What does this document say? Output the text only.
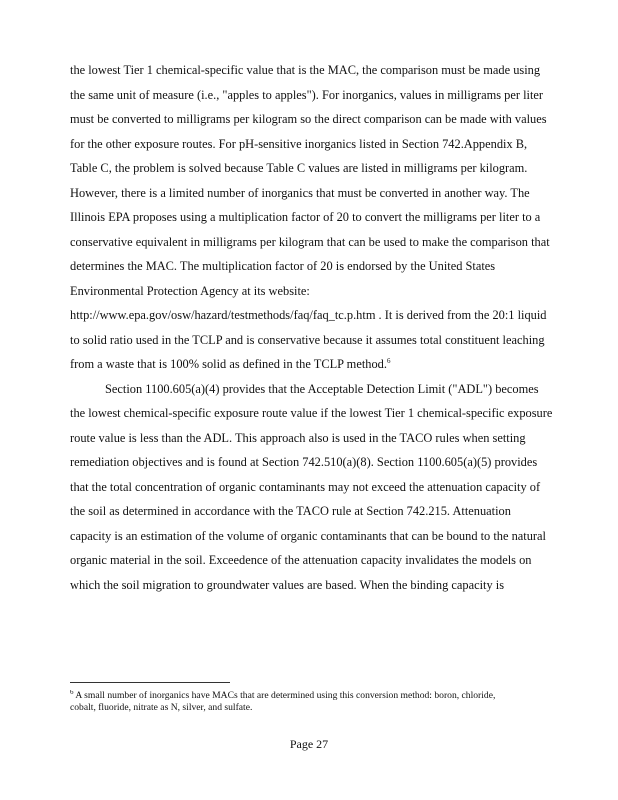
the lowest Tier 1 chemical-specific value that is the MAC, the comparison must be made using
the same unit of measure (i.e., "apples to apples"). For inorganics, values in milligrams per liter
must be converted to milligrams per kilogram so the direct comparison can be made with values
for the other exposure routes. For pH-sensitive inorganics listed in Section 742.Appendix B,
Table C, the problem is solved because Table C values are listed in milligrams per kilogram.
However, there is a limited number of inorganics that must be converted in another way. The
Illinois EPA proposes using a multiplication factor of 20 to convert the milligrams per liter to a
conservative equivalent in milligrams per kilogram that can be used to make the comparison that
determines the MAC. The multiplication factor of 20 is endorsed by the United States
Environmental Protection Agency at its website:
http://www.epa.gov/osw/hazard/testmethods/faq/faq_tc.p.htm . It is derived from the 20:1 liquid
to solid ratio used in the TCLP and is conservative because it assumes total constituent leaching
from a waste that is 100% solid as defined in the TCLP method.$^6$
Section 1100.605(a)(4) provides that the Acceptable Detection Limit ("ADL") becomes
the lowest chemical-specific exposure route value if the lowest Tier 1 chemical-specific exposure
route value is less than the ADL. This approach also is used in the TACO rules when setting
remediation objectives and is found at Section 742.510(a)(8). Section 1100.605(a)(5) provides
that the total concentration of organic contaminants may not exceed the attenuation capacity of
the soil as determined in accordance with the TACO rule at Section 742.215. Attenuation
capacity is an estimation of the volume of organic contaminants that can be bound to the natural
organic material in the soil. Exceedence of the attenuation capacity invalidates the models on
which the soil migration to groundwater values are based. When the binding capacity is
$^6$ A small number of inorganics have MACs that are determined using this conversion method: boron, chloride,
cobalt, fluoride, nitrate as N, silver, and sulfate.
Page 27
